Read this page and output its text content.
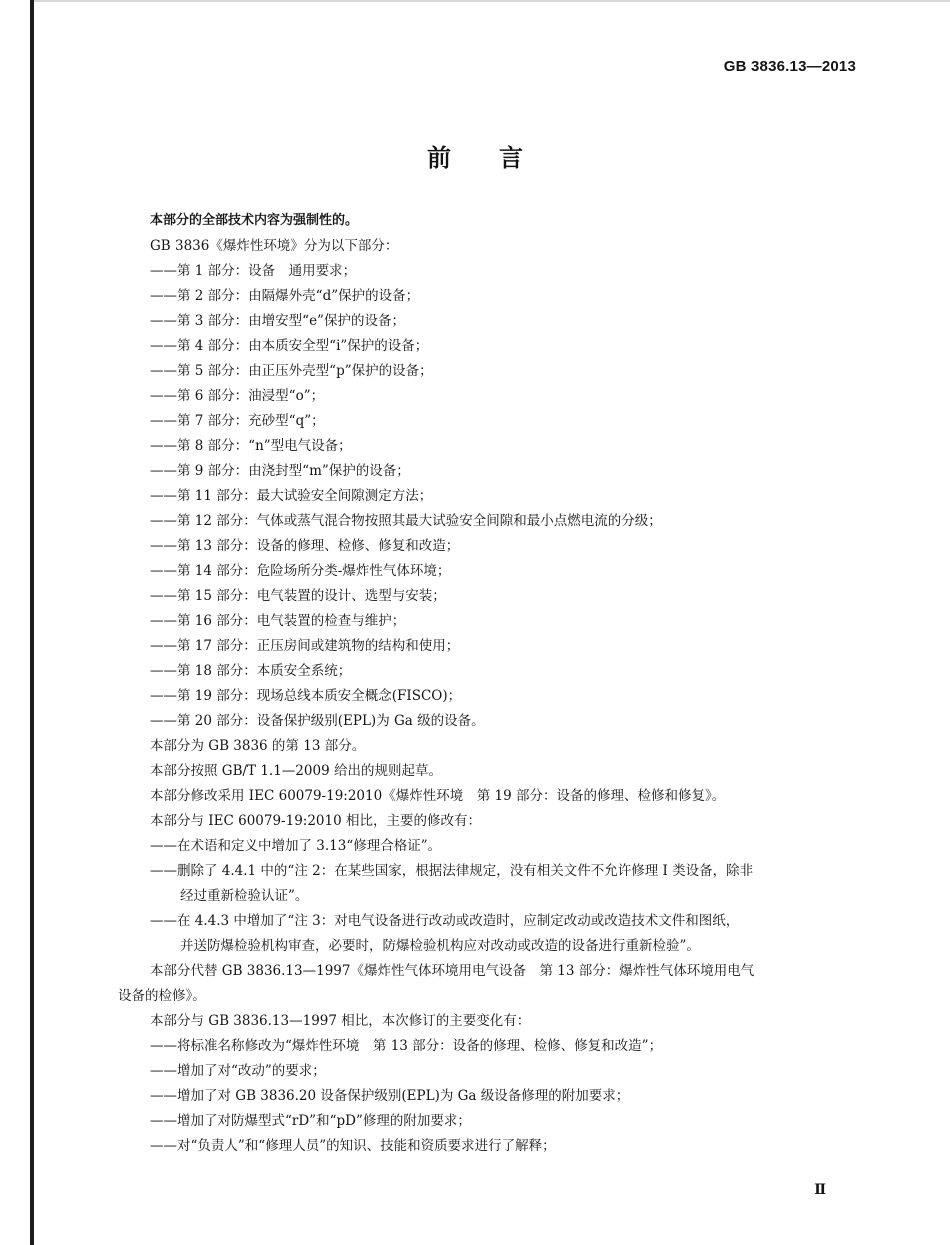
GB 3836.13—2013
前言
本部分的全部技术内容为强制性的。
GB 3836《爆炸性环境》分为以下部分：
——第 1 部分：设备　通用要求；
——第 2 部分：由隔爆外壳“d”保护的设备；
——第 3 部分：由增安型“e”保护的设备；
——第 4 部分：由本质安全型“i”保护的设备；
——第 5 部分：由正压外壳型“p”保护的设备；
——第 6 部分：油浸型“o”；
——第 7 部分：充砂型“q”；
——第 8 部分：“n”型电气设备；
——第 9 部分：由浇封型“m”保护的设备；
——第 11 部分：最大试验安全间隙测定方法；
——第 12 部分：气体或蒸气混合物按照其最大试验安全间隙和最小点燃电流的分级；
——第 13 部分：设备的修理、检修、修复和改造；
——第 14 部分：危险场所分类-爆炸性气体环境；
——第 15 部分：电气装置的设计、选型与安装；
——第 16 部分：电气装置的检查与维护；
——第 17 部分：正压房间或建筑物的结构和使用；
——第 18 部分：本质安全系统；
——第 19 部分：现场总线本质安全概念(FISCO)；
——第 20 部分：设备保护级别(EPL)为 Ga 级的设备。
本部分为 GB 3836 的第 13 部分。
本部分按照 GB/T 1.1—2009 给出的规则起草。
本部分修改采用 IEC 60079-19:2010《爆炸性环境　第 19 部分：设备的修理、检修和修复》。
本部分与 IEC 60079-19:2010 相比，主要的修改有：
——在术语和定义中增加了 3.13“修理合格证”。
——删除了 4.4.1 中的“注 2：在某些国家，根据法律规定，没有相关文件不允许修理 I 类设备，除非
经过重新检验认证”。
——在 4.4.3 中增加了“注 3：对电气设备进行改动或改造时，应制定改动或改造技术文件和图纸，
并送防爆检验机构审查，必要时，防爆检验机构应对改动或改造的设备进行重新检验”。
本部分代替 GB 3836.13—1997《爆炸性气体环境用电气设备　第 13 部分：爆炸性气体环境用电气
设备的检修》。
本部分与 GB 3836.13—1997 相比，本次修订的主要变化有：
——将标准名称修改为“爆炸性环境　第 13 部分：设备的修理、检修、修复和改造”；
——增加了对“改动”的要求；
——增加了对 GB 3836.20 设备保护级别(EPL)为 Ga 级设备修理的附加要求；
——增加了对防爆型式“rD”和“pD”修理的附加要求；
——对“负责人”和“修理人员”的知识、技能和资质要求进行了解释；
Ⅱ
